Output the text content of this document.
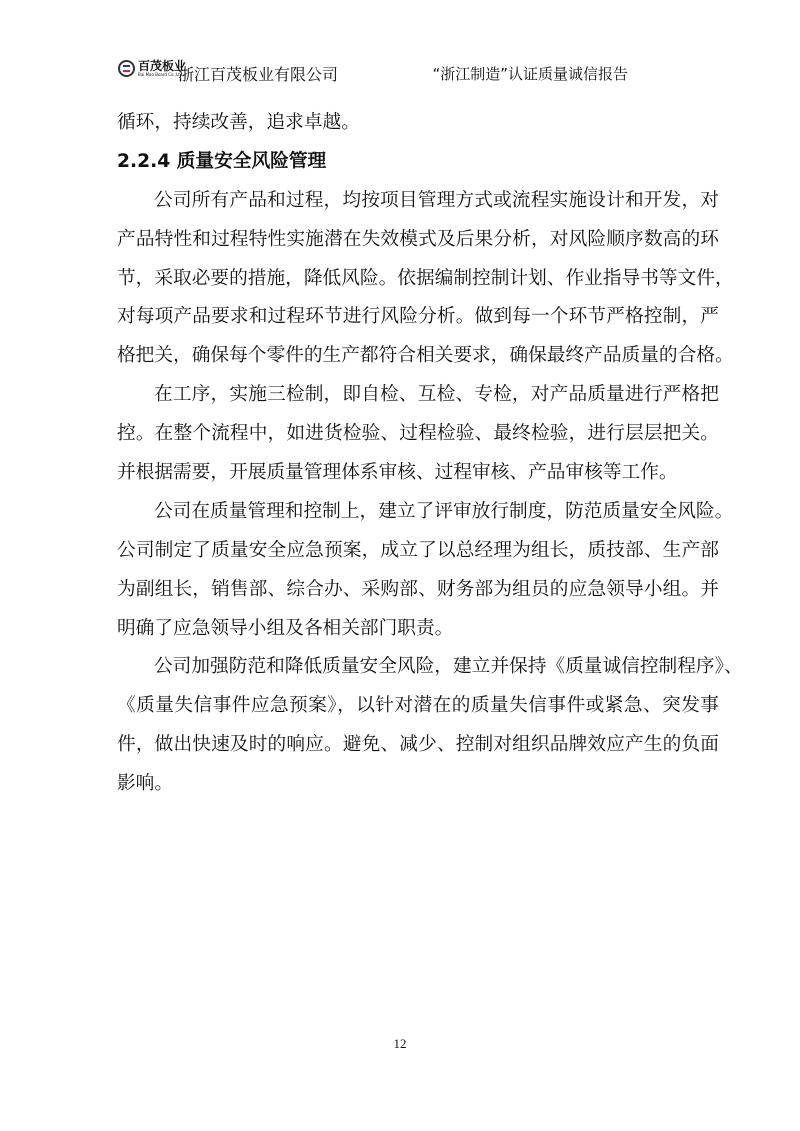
百茂板业
Bai Mao Board Co.,Ltd.
浙江百茂板业有限公司	“浙江制造”认证质量诚信报告
循环，持续改善，追求卓越。
2.2.4 质量安全风险管理
公司所有产品和过程，均按项目管理方式或流程实施设计和开发，对
产品特性和过程特性实施潜在失效模式及后果分析，对风险顺序数高的环
节，采取必要的措施，降低风险。依据编制控制计划、作业指导书等文件，
对每项产品要求和过程环节进行风险分析。做到每一个环节严格控制，严
格把关，确保每个零件的生产都符合相关要求，确保最终产品质量的合格。
在工序，实施三检制，即自检、互检、专检，对产品质量进行严格把
控。在整个流程中，如进货检验、过程检验、最终检验，进行层层把关。
并根据需要，开展质量管理体系审核、过程审核、产品审核等工作。
公司在质量管理和控制上，建立了评审放行制度，防范质量安全风险。
公司制定了质量安全应急预案，成立了以总经理为组长，质技部、生产部
为副组长，销售部、综合办、采购部、财务部为组员的应急领导小组。并
明确了应急领导小组及各相关部门职责。
公司加强防范和降低质量安全风险，建立并保持《质量诚信控制程序》、
《质量失信事件应急预案》，以针对潜在的质量失信事件或紧急、突发事
件，做出快速及时的响应。避免、减少、控制对组织品牌效应产生的负面
影响。
12
